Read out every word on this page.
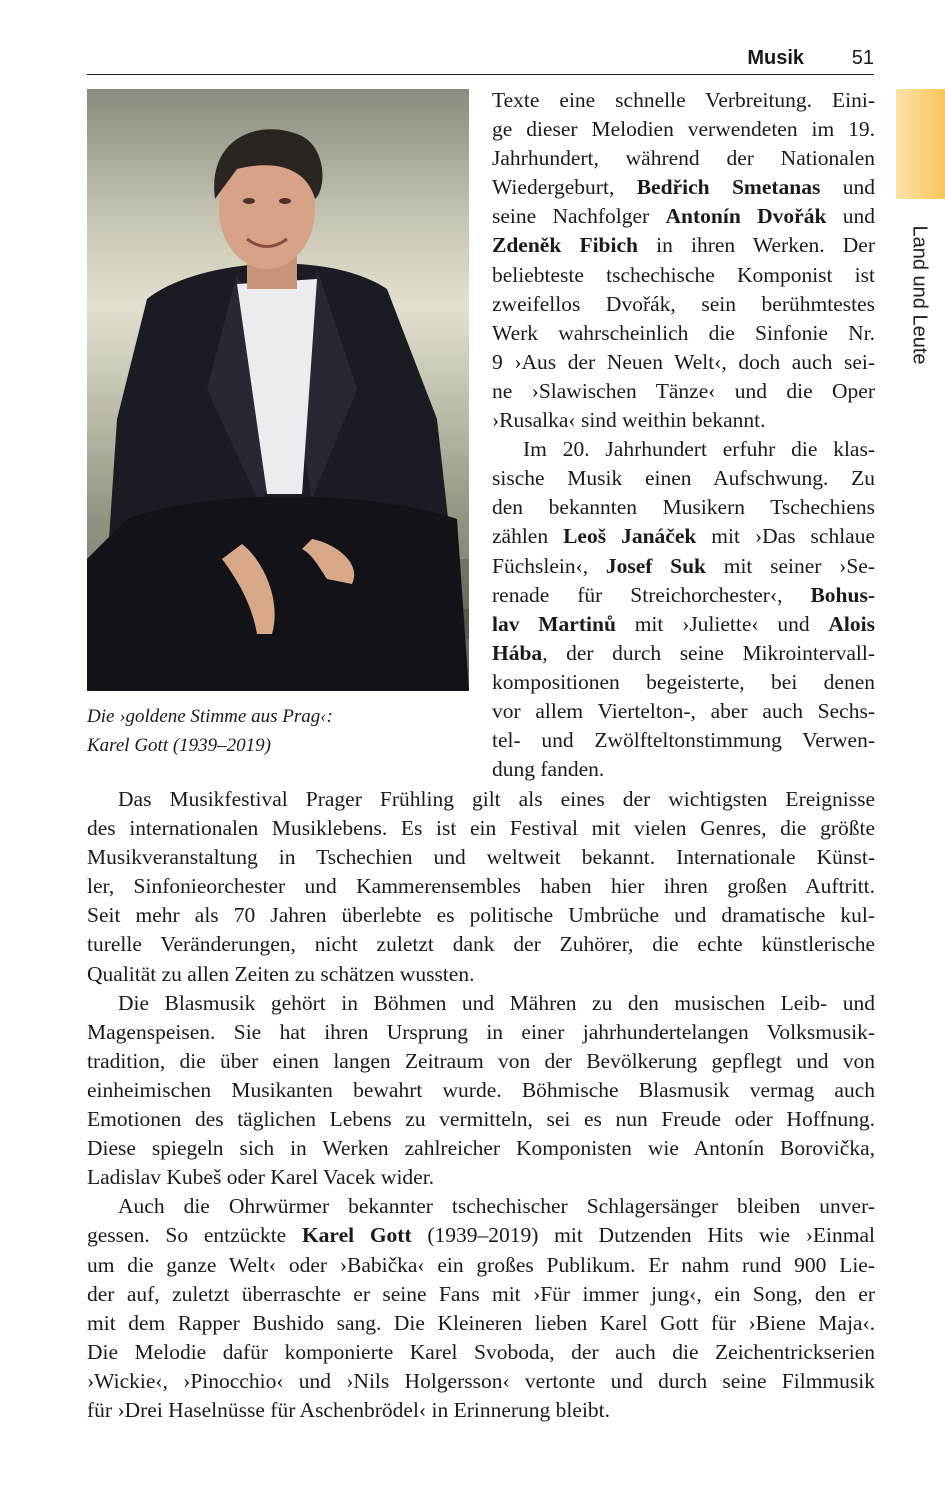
Musik 51
Land und Leute
Die ›goldene Stimme aus Prag‹:
Karel Gott (1939–2019)
Texte eine schnelle Verbreitung. Eini-
ge dieser Melodien verwendeten im 19.
Jahrhundert, während der Nationalen
Wiedergeburt, Bedřich Smetanas und
seine Nachfolger Antonín Dvořák und
Zdeněk Fibich in ihren Werken. Der
beliebteste tschechische Komponist ist
zweifellos Dvořák, sein berühmtestes
Werk wahrscheinlich die Sinfonie Nr.
9 ›Aus der Neuen Welt‹, doch auch sei-
ne ›Slawischen Tänze‹ und die Oper
›Rusalka‹ sind weithin bekannt.
Im 20. Jahrhundert erfuhr die klas-
sische Musik einen Aufschwung. Zu
den bekannten Musikern Tschechiens
zählen Leoš Janáček mit ›Das schlaue
Füchslein‹, Josef Suk mit seiner ›Se-
renade für Streichorchester‹, Bohus-
lav Martinů mit ›Juliette‹ und Alois
Hába, der durch seine Mikrointervall-
kompositionen begeisterte, bei denen
vor allem Viertelton-, aber auch Sechs-
tel- und Zwölfteltonstimmung Verwen-
dung fanden.
Das Musikfestival Prager Frühling gilt als eines der wichtigsten Ereignisse
des internationalen Musiklebens. Es ist ein Festival mit vielen Genres, die größte
Musikveranstaltung in Tschechien und weltweit bekannt. Internationale Künst-
ler, Sinfonieorchester und Kammerensembles haben hier ihren großen Auftritt.
Seit mehr als 70 Jahren überlebte es politische Umbrüche und dramatische kul-
turelle Veränderungen, nicht zuletzt dank der Zuhörer, die echte künstlerische
Qualität zu allen Zeiten zu schätzen wussten.
Die Blasmusik gehört in Böhmen und Mähren zu den musischen Leib- und
Magenspeisen. Sie hat ihren Ursprung in einer jahrhundertelangen Volksmusik-
tradition, die über einen langen Zeitraum von der Bevölkerung gepflegt und von
einheimischen Musikanten bewahrt wurde. Böhmische Blasmusik vermag auch
Emotionen des täglichen Lebens zu vermitteln, sei es nun Freude oder Hoffnung.
Diese spiegeln sich in Werken zahlreicher Komponisten wie Antonín Borovička,
Ladislav Kubeš oder Karel Vacek wider.
Auch die Ohrwürmer bekannter tschechischer Schlagersänger bleiben unver-
gessen. So entzückte Karel Gott (1939–2019) mit Dutzenden Hits wie ›Einmal
um die ganze Welt‹ oder ›Babička‹ ein großes Publikum. Er nahm rund 900 Lie-
der auf, zuletzt überraschte er seine Fans mit ›Für immer jung‹, ein Song, den er
mit dem Rapper Bushido sang. Die Kleineren lieben Karel Gott für ›Biene Maja‹.
Die Melodie dafür komponierte Karel Svoboda, der auch die Zeichentrickserien
›Wickie‹, ›Pinocchio‹ und ›Nils Holgersson‹ vertonte und durch seine Filmmusik
für ›Drei Haselnüsse für Aschenbrödel‹ in Erinnerung bleibt.
